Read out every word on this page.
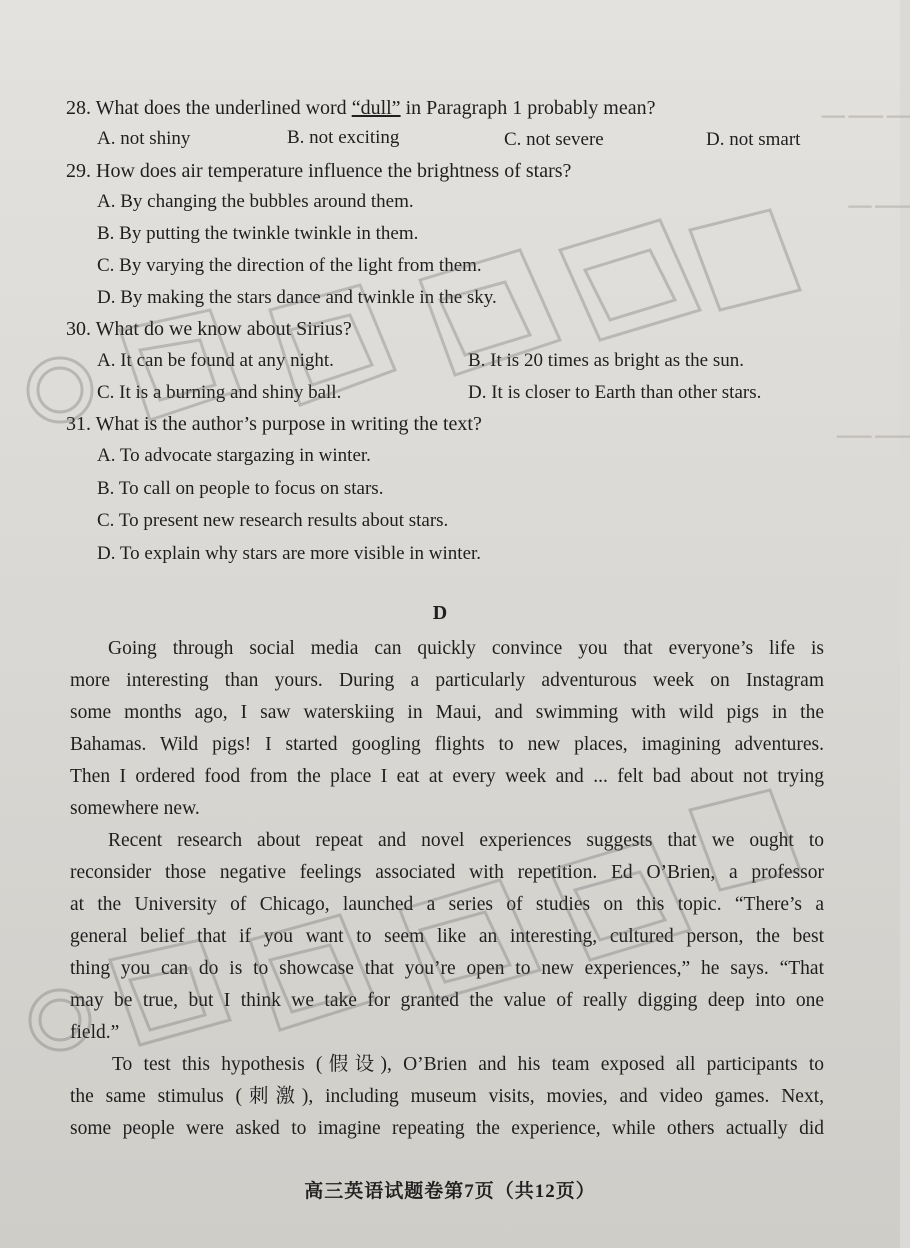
▁▁ ▁▁▁ ▁▁
▁▁▁ ▁▁
▁▁▁ ▁▁▁
28. What does the underlined word “dull” in Paragraph 1 probably mean?
A. not shiny	B. not exciting	C. not severe	D. not smart
29. How does air temperature influence the brightness of stars?
A. By changing the bubbles around them.
B. By putting the twinkle twinkle in them.
C. By varying the direction of the light from them.
D. By making the stars dance and twinkle in the sky.
30. What do we know about Sirius?
A. It can be found at any night.	B. It is 20 times as bright as the sun.
C. It is a burning and shiny ball.	D. It is closer to Earth than other stars.
31. What is the author’s purpose in writing the text?
A. To advocate stargazing in winter.
B. To call on people to focus on stars.
C. To present new research results about stars.
D. To explain why stars are more visible in winter.
D
Going through social media can quickly convince you that everyone’s life is
more interesting than yours. During a particularly adventurous week on Instagram
some months ago, I saw waterskiing in Maui, and swimming with wild pigs in the
Bahamas. Wild pigs! I started googling flights to new places, imagining adventures.
Then I ordered food from the place I eat at every week and ... felt bad about not trying
somewhere new.
Recent research about repeat and novel experiences suggests that we ought to
reconsider those negative feelings associated with repetition. Ed O’Brien, a professor
at the University of Chicago, launched a series of studies on this topic. “There’s a
general belief that if you want to seem like an interesting, cultured person, the best
thing you can do is to showcase that you’re open to new experiences,” he says. “That
may be true, but I think we take for granted the value of really digging deep into one
field.”
To test this hypothesis (假设), O’Brien and his team exposed all participants to
the same stimulus (刺激), including museum visits, movies, and video games. Next,
some people were asked to imagine repeating the experience, while others actually did
高三英语试题卷第7页（共12页）
